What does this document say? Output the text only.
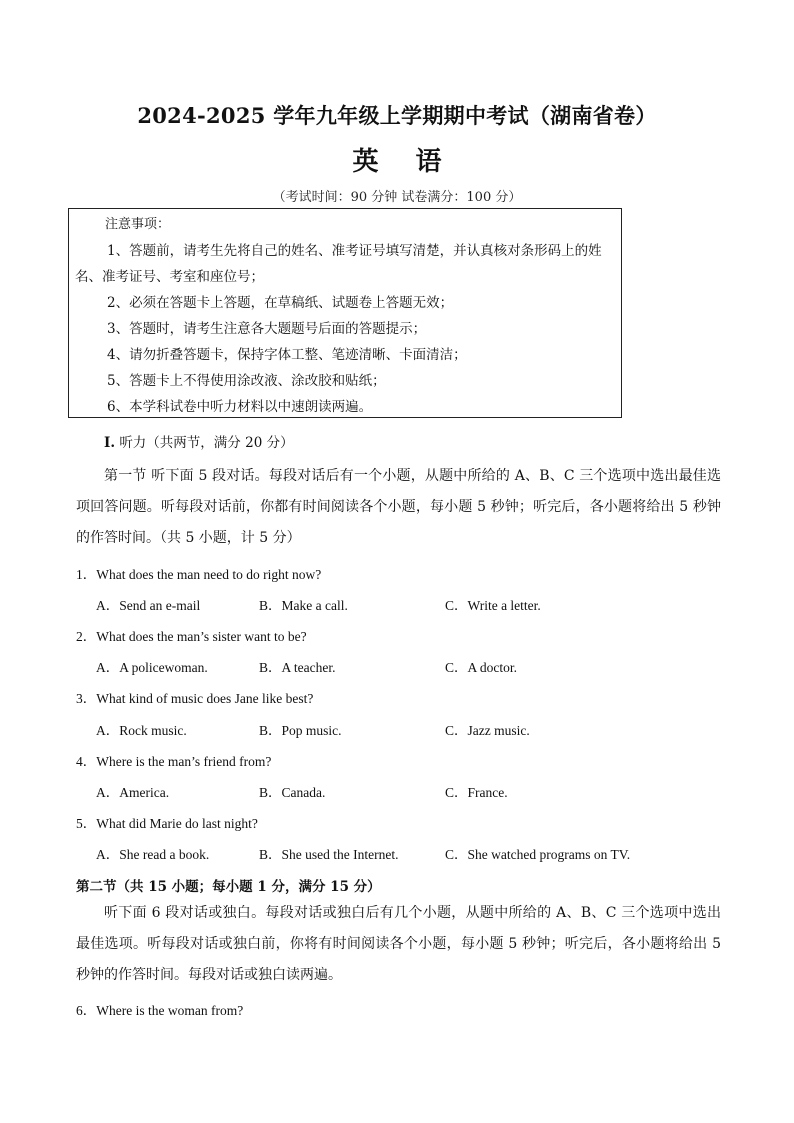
2024-2025 学年九年级上学期期中考试（湖南省卷）
英 语
（考试时间：90 分钟 试卷满分：100 分）
注意事项：
1、答题前，请考生先将自己的姓名、准考证号填写清楚，并认真核对条形码上的姓名、准考证号、考室和座位号；
2、必须在答题卡上答题，在草稿纸、试题卷上答题无效；
3、答题时，请考生注意各大题题号后面的答题提示；
4、请勿折叠答题卡，保持字体工整、笔迹清晰、卡面清洁；
5、答题卡上不得使用涂改液、涂改胶和贴纸；
6、本学科试卷中听力材料以中速朗读两遍。
I. 听力（共两节，满分 20 分）
第一节 听下面 5 段对话。每段对话后有一个小题，从题中所给的 A、B、C 三个选项中选出最佳选项回答问题。听每段对话前，你都有时间阅读各个小题，每小题 5 秒钟；听完后，各小题将给出 5 秒钟的作答时间。（共 5 小题，计 5 分）
1．What does the man need to do right now?
A．Send an e-mail	B．Make a call.	C．Write a letter.
2．What does the man’s sister want to be?
A．A policewoman.	B．A teacher.	C．A doctor.
3．What kind of music does Jane like best?
A．Rock music.	B．Pop music.	C．Jazz music.
4．Where is the man’s friend from?
A．America.	B．Canada.	C．France.
5．What did Marie do last night?
A．She read a book.	B．She used the Internet.	C．She watched programs on TV.
第二节（共 15 小题；每小题 1 分，满分 15 分）
听下面 6 段对话或独白。每段对话或独白后有几个小题，从题中所给的 A、B、C 三个选项中选出最佳选项。听每段对话或独白前，你将有时间阅读各个小题，每小题 5 秒钟；听完后，各小题将给出 5 秒钟的作答时间。每段对话或独白读两遍。
6．Where is the woman from?
